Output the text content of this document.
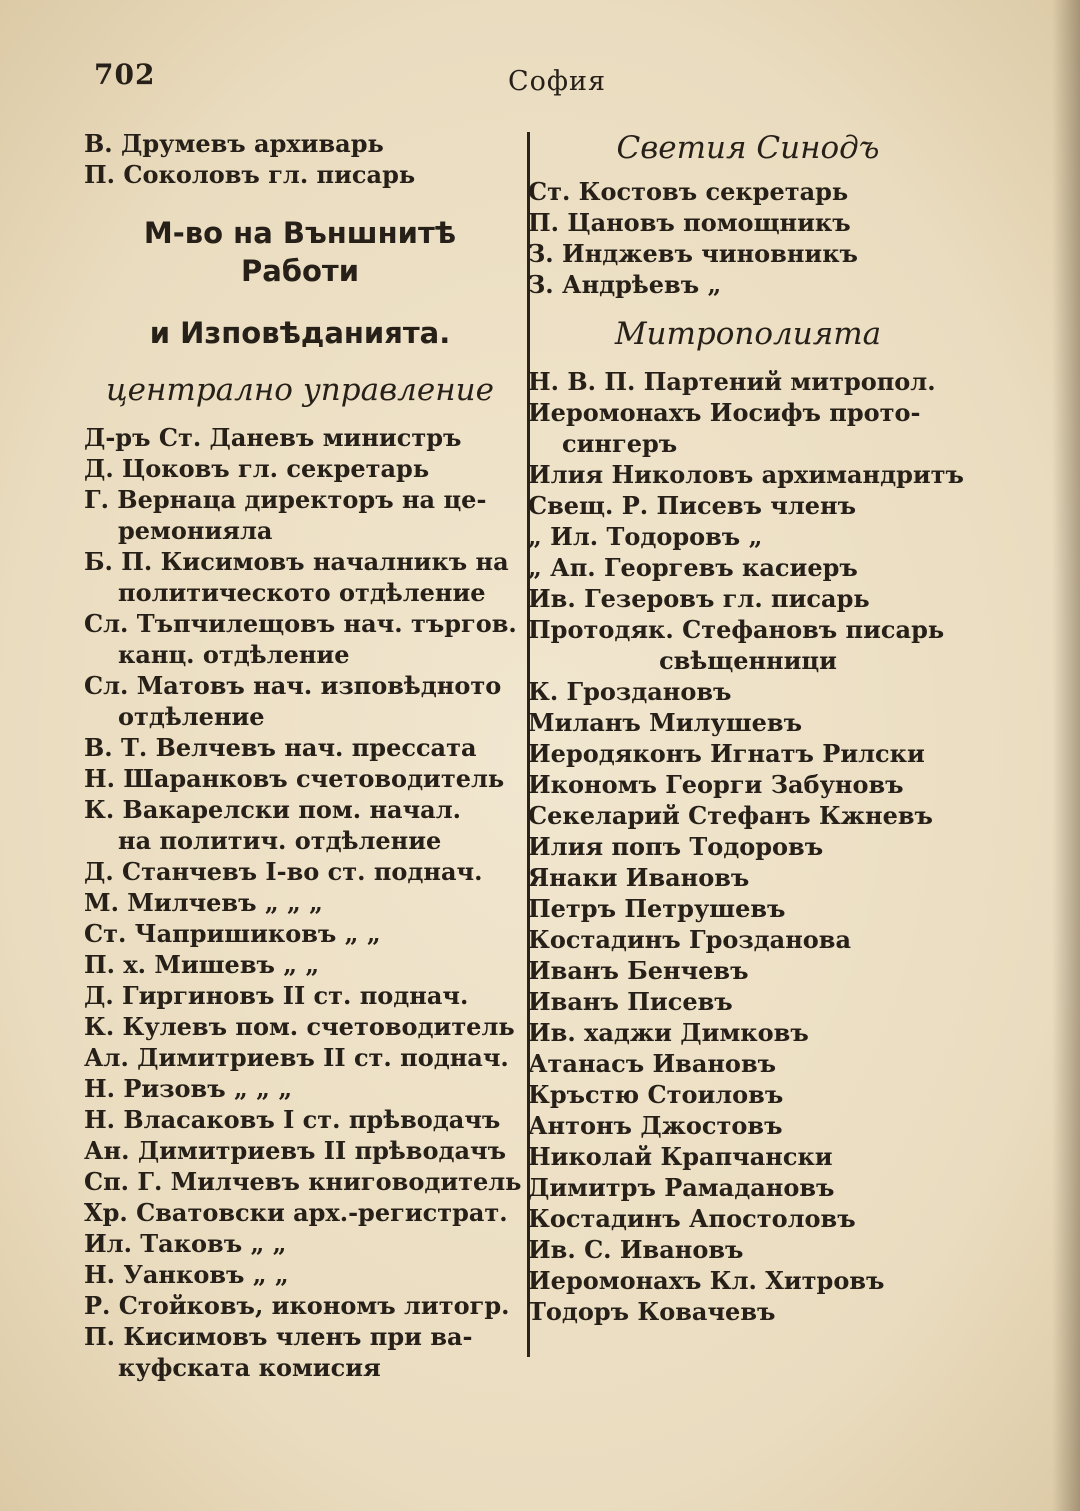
702	София
В. Друмевъ архиварь
П. Соколовъ гл. писарь
М-во на Външнитѣ Работи
и Изповѣданията.
централно управление
Д-ръ Ст. Даневъ министръ
Д. Цоковъ гл. секретарь
Г. Вернаца директоръ на це-
ремонияла
Б. П. Кисимовъ началникъ на
политическото отдѣление
Сл. Тъпчилещовъ нач. търгов.
канц. отдѣление
Сл. Матовъ нач. изповѣдното
отдѣление
В. Т. Велчевъ нач. прессата
Н. Шаранковъ счетоводитель
К. Вакарелски пом. начал.
на политич. отдѣление
Д. Станчевъ I-во ст. поднач.
М. Милчевъ „ „ „
Ст. Чапришиковъ „ „
П. х. Мишевъ „ „
Д. Гиргиновъ II ст. поднач.
К. Кулевъ пом. счетоводитель
Ал. Димитриевъ II ст. поднач.
Н. Ризовъ „ „ „
Н. Власаковъ I ст. прѣводачъ
Ан. Димитриевъ II прѣводачъ
Сп. Г. Милчевъ книговодитель
Хр. Сватовски арх.-регистрат.
Ил. Таковъ „ „
Н. Уанковъ „ „
Р. Стойковъ, икономъ литогр.
П. Кисимовъ членъ при ва-
куфската комисия
Светия Синодъ
Ст. Костовъ секретарь
П. Цановъ помощникъ
З. Инджевъ чиновникъ
З. Андрѣевъ „
Митрополията
Н. В. П. Партений митропол.
Иеромонахъ Иосифъ прото-
сингеръ
Илия Николовъ архимандритъ
Свещ. Р. Писевъ членъ
„ Ил. Тодоровъ „
„ Ап. Георгевъ касиеръ
Ив. Гезеровъ гл. писарь
Протодяк. Стефановъ писарь
свѣщенници
К. Гроздановъ
Миланъ Милушевъ
Иеродяконъ Игнатъ Рилски
Икономъ Георги Забуновъ
Секеларий Стефанъ Кжневъ
Илия попъ Тодоровъ
Янаки Ивановъ
Петръ Петрушевъ
Костадинъ Грозданова
Иванъ Бенчевъ
Иванъ Писевъ
Ив. хаджи Димковъ
Атанасъ Ивановъ
Кръстю Стоиловъ
Антонъ Джостовъ
Николай Крапчански
Димитръ Рамадановъ
Костадинъ Апостоловъ
Ив. С. Ивановъ
Иеромонахъ Кл. Хитровъ
Тодоръ Ковачевъ
